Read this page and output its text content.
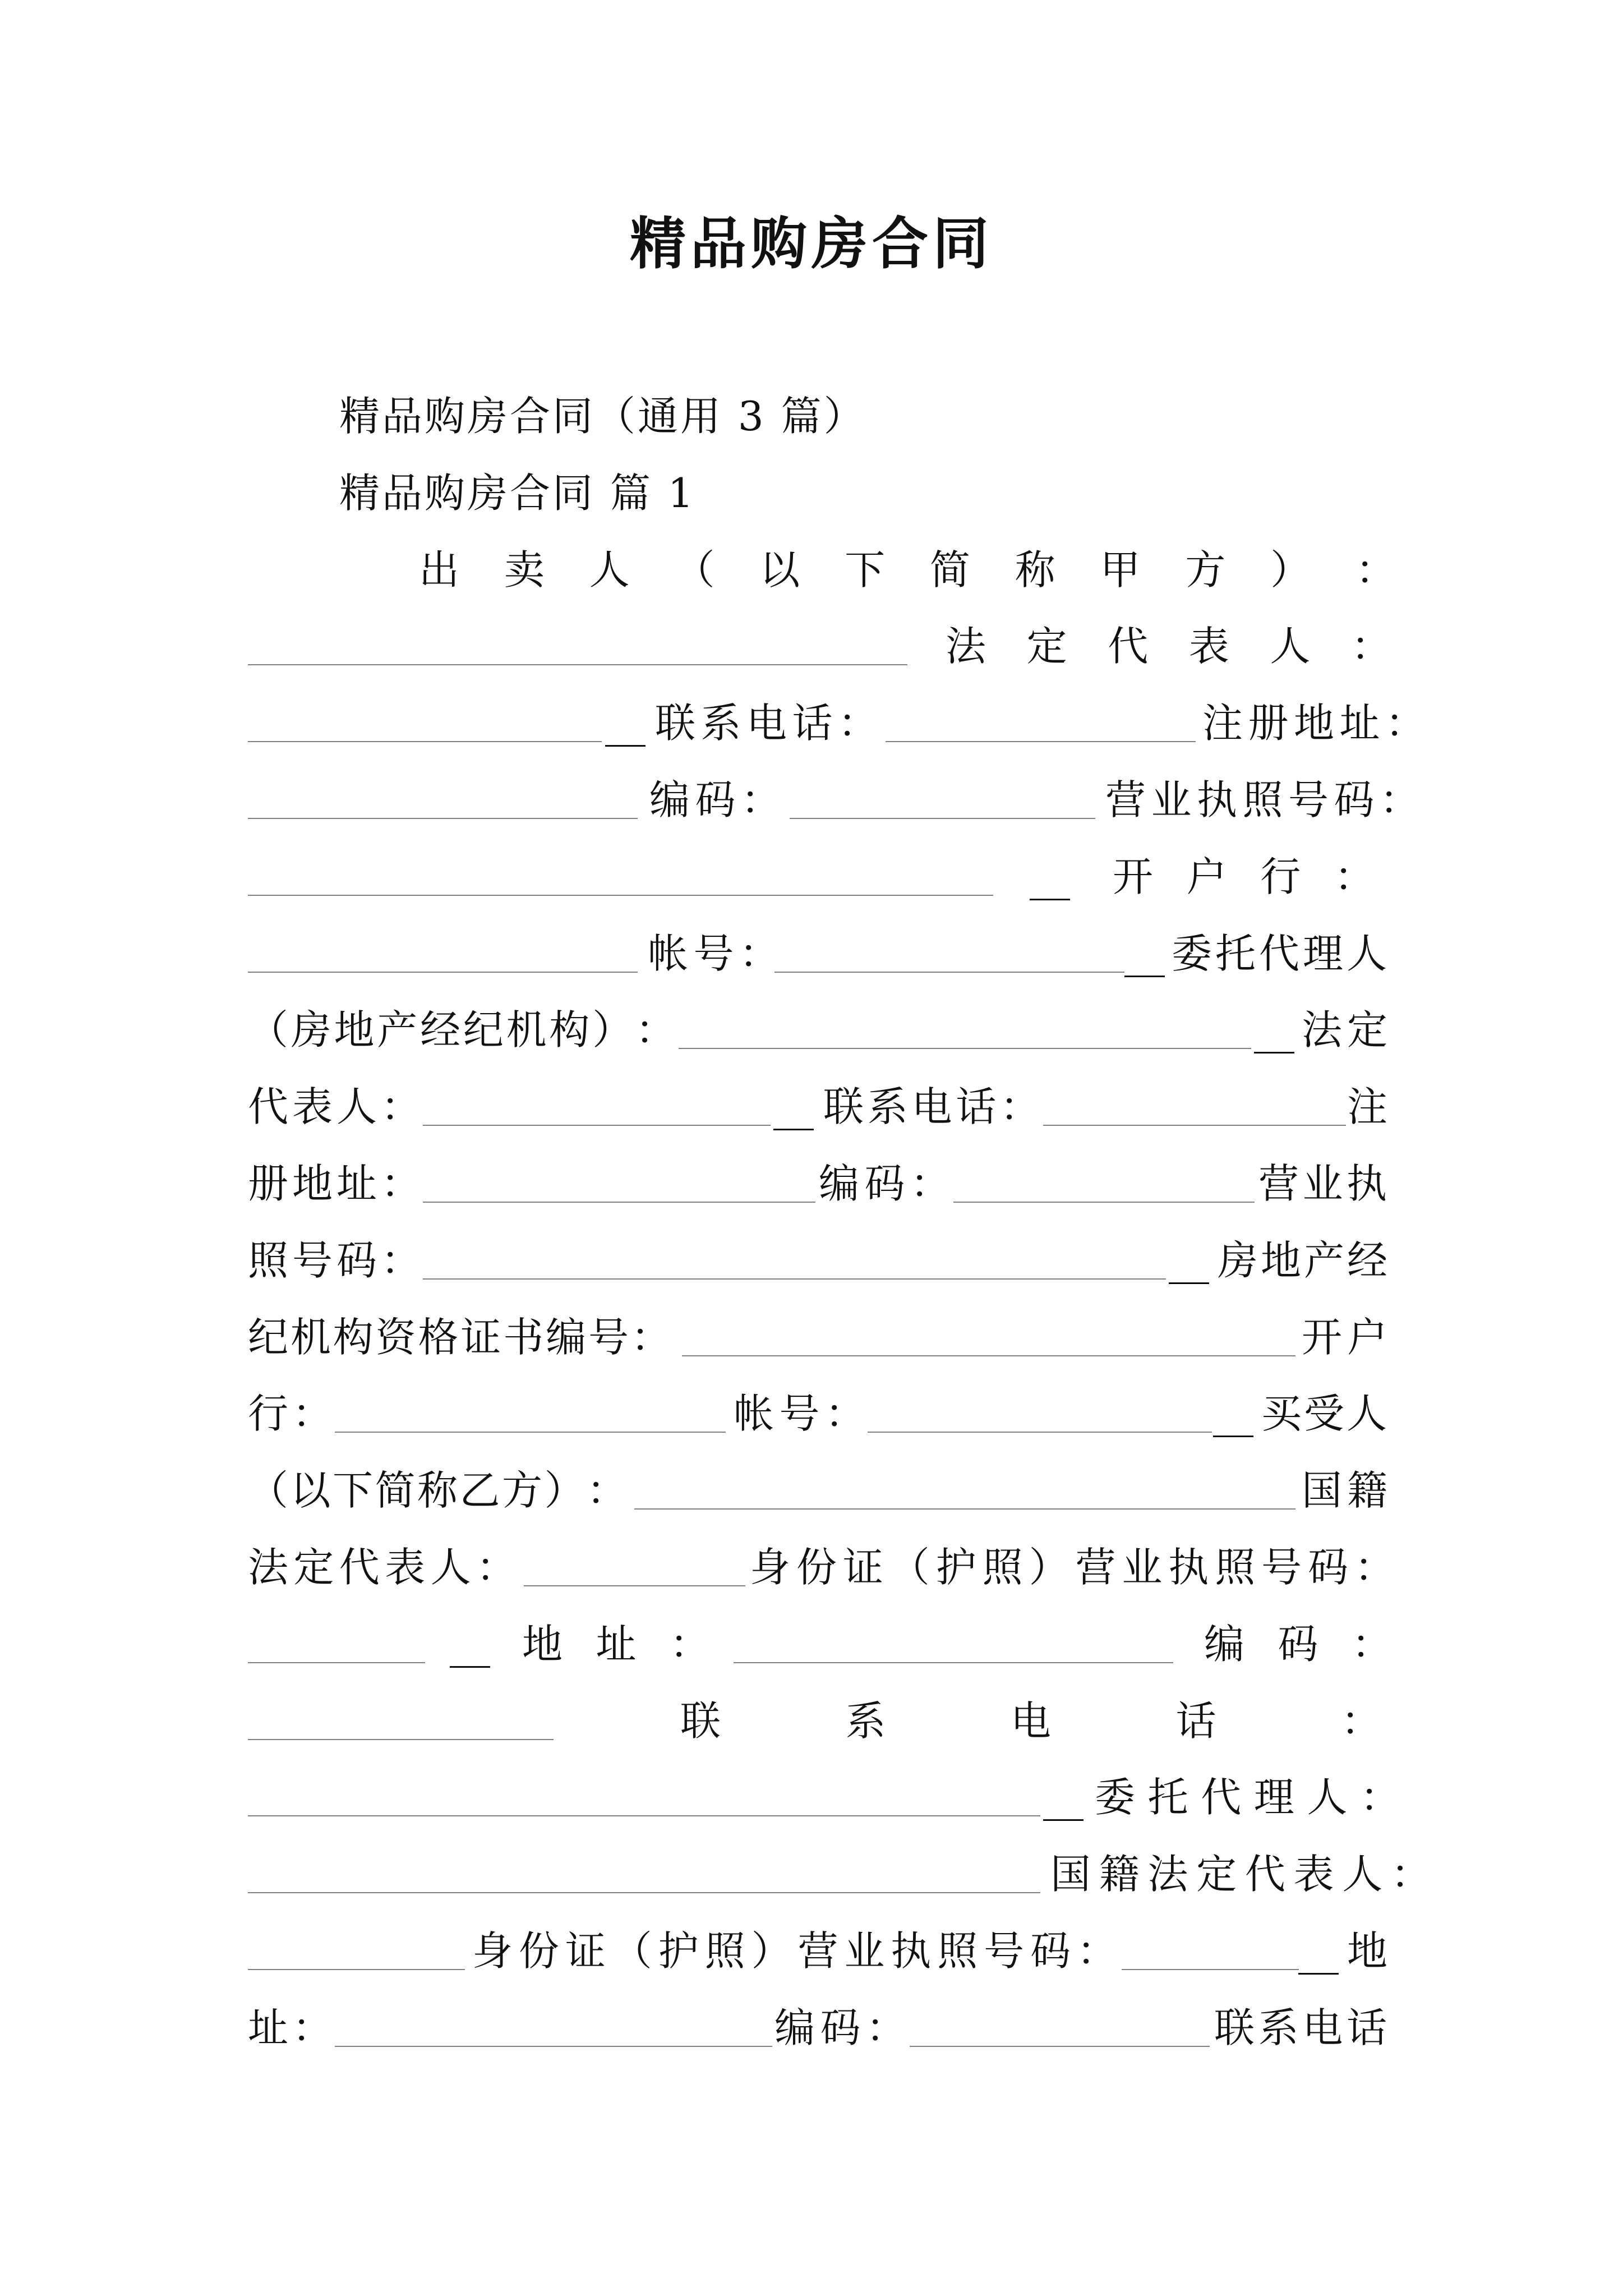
精品购房合同
精品购房合同（通用 3 篇）
精品购房合同 篇 1
出 卖 人 （ 以 下 简 称 甲 方 ） ：
法 定 代 表 人 ：
__ 联 系 电 话 ：	注 册 地 址 ：
编 码 ：	营 业 执 照 号 码 ：
__ 开 户 行 ：
帐 号 ：	__ 委 托 代 理 人
（ 房 地 产 经 纪 机 构 ） ：	__ 法 定
代 表 人 ：	__ 联 系 电 话 ：	注
册 地 址 ：	编 码 ：	营 业 执
照 号 码 ：	__ 房 地 产 经
纪 机 构 资 格 证 书 编 号 ：	开 户
行 ：	帐 号 ：	__ 买 受 人
（ 以 下 简 称 乙 方 ） ：	国 籍
法 定 代 表 人 ：	身 份 证 （ 护 照 ） 营 业 执 照 号 码 ：
__ 地 址 ：	编 码 ：
联	系	电	话	：
__ 委 托 代 理 人 ：
国 籍 法 定 代 表 人 ：
身 份 证 （ 护 照 ） 营 业 执 照 号 码 ：	__ 地
址 ：	编 码 ：	联 系 电 话
